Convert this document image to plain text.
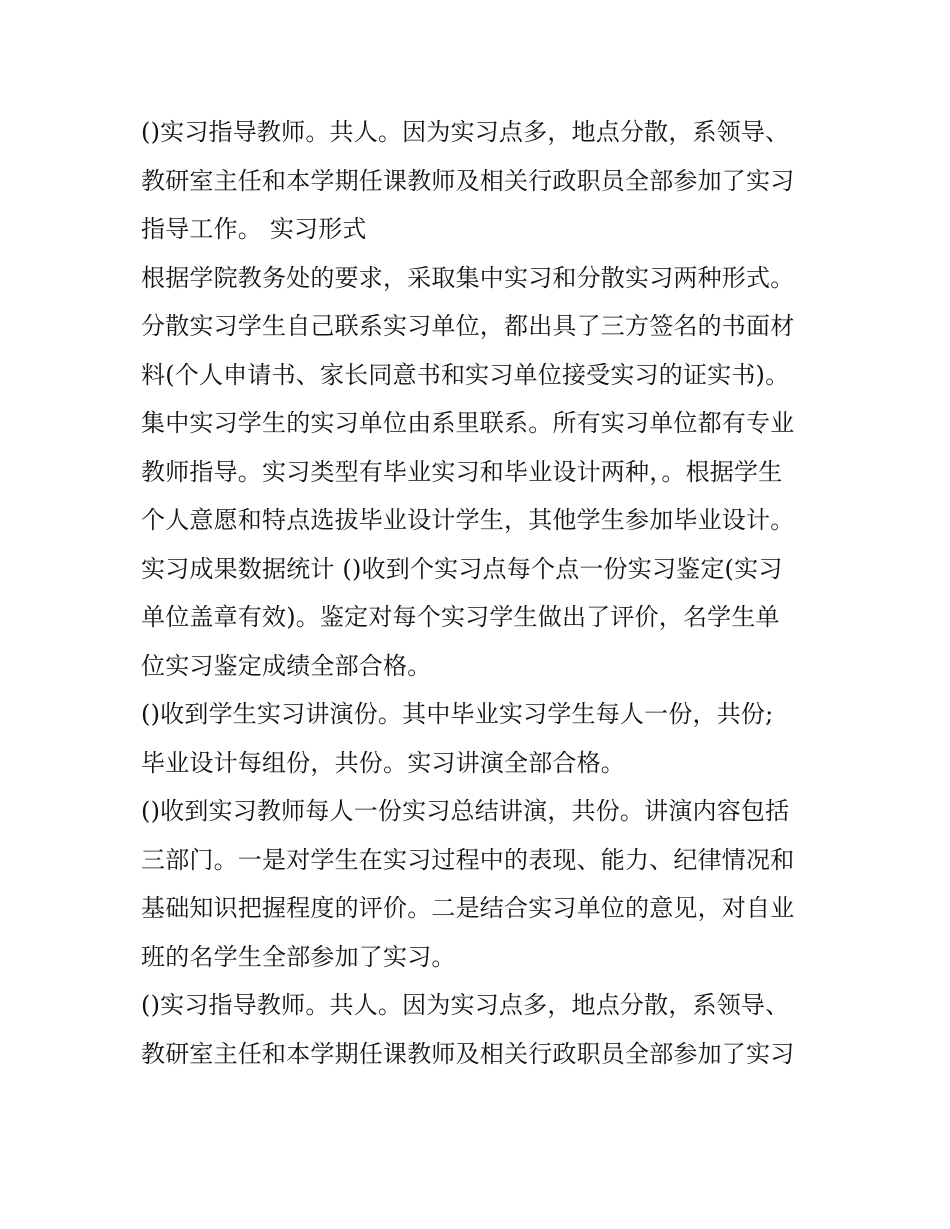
()实习指导教师。共人。因为实习点多，地点分散，系领导、
教研室主任和本学期任课教师及相关行政职员全部参加了实习
指导工作。 实习形式
根据学院教务处的要求，采取集中实习和分散实习两种形式。
分散实习学生自己联系实习单位，都出具了三方签名的书面材
料(个人申请书、家长同意书和实习单位接受实习的证实书)。
集中实习学生的实习单位由系里联系。所有实习单位都有专业
教师指导。实习类型有毕业实习和毕业设计两种，。根据学生
个人意愿和特点选拔毕业设计学生，其他学生参加毕业设计。
实习成果数据统计 ()收到个实习点每个点一份实习鉴定(实习
单位盖章有效)。鉴定对每个实习学生做出了评价，名学生单
位实习鉴定成绩全部合格。
()收到学生实习讲演份。其中毕业实习学生每人一份，共份;
毕业设计每组份，共份。实习讲演全部合格。
()收到实习教师每人一份实习总结讲演，共份。讲演内容包括
三部门。一是对学生在实习过程中的表现、能力、纪律情况和
基础知识把握程度的评价。二是结合实习单位的意见，对自业
班的名学生全部参加了实习。
()实习指导教师。共人。因为实习点多，地点分散，系领导、
教研室主任和本学期任课教师及相关行政职员全部参加了实习
